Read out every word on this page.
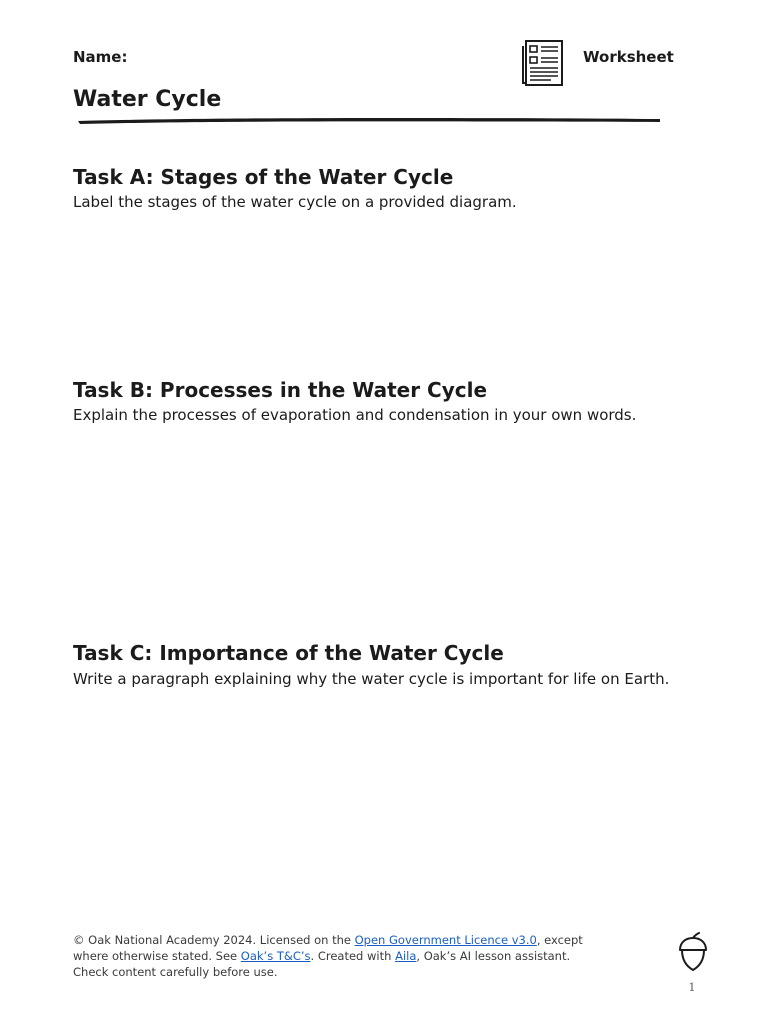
Name:	Worksheet
Water Cycle
Task A: Stages of the Water Cycle

Label the stages of the water cycle on a provided diagram.

Task B: Processes in the Water Cycle

Explain the processes of evaporation and condensation in your own words.

Task C: Importance of the Water Cycle

Write a paragraph explaining why the water cycle is important for life on Earth.

© Oak National Academy 2024. Licensed on the Open Government Licence v3.0, except where otherwise stated. See Oak’s T&C’s. Created with Aila, Oak’s AI lesson assistant. Check content carefully before use.
1
